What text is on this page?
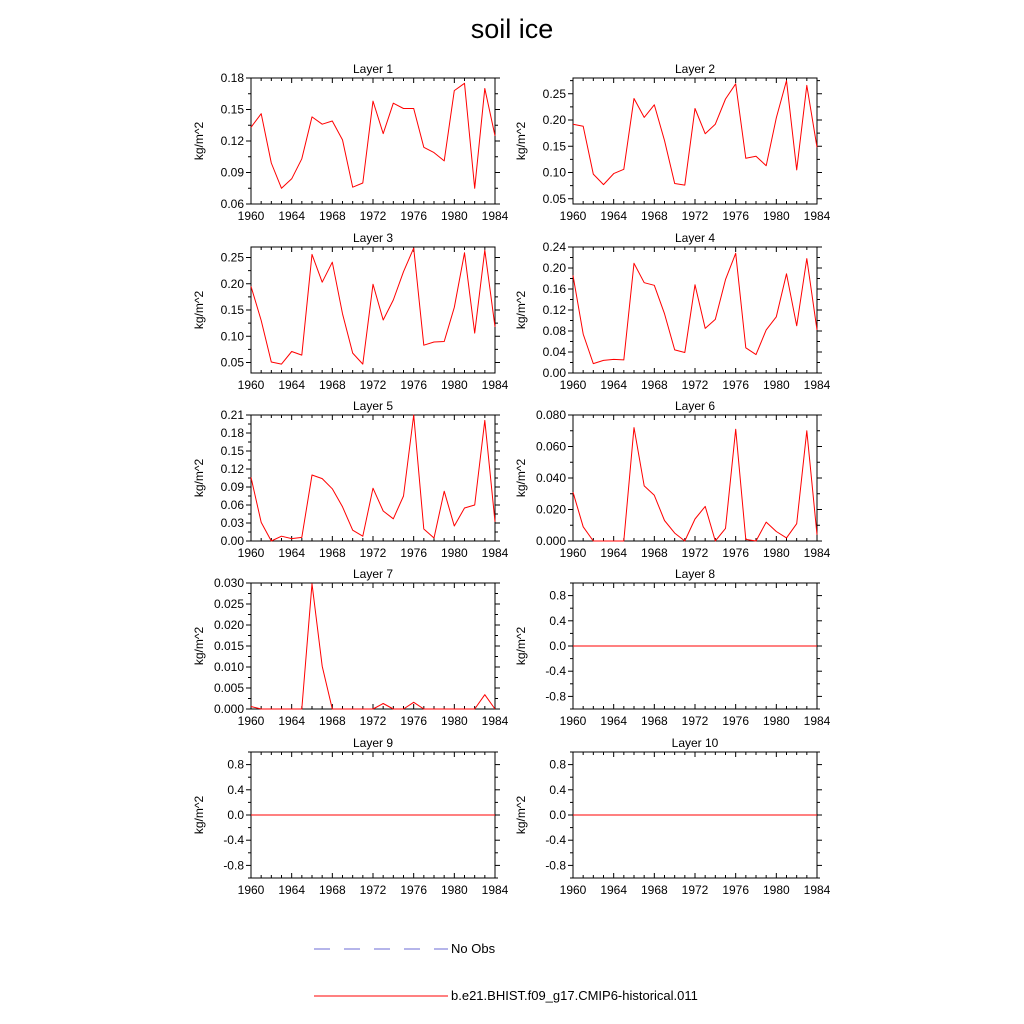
soil ice
1960 1964 1968 1972 1976 1980 1984
0.06
0.09
0.12
0.15
0.18
Layer 1
kg/m^2
1960 1964 1968 1972 1976 1980 1984
0.05
0.10
0.15
0.20
0.25
Layer 2
kg/m^2
1960 1964 1968 1972 1976 1980 1984
0.05
0.10
0.15
0.20
0.25
Layer 3
kg/m^2
1960 1964 1968 1972 1976 1980 1984
0.00
0.04
0.08
0.12
0.16
0.20
0.24
Layer 4
kg/m^2
1960 1964 1968 1972 1976 1980 1984
0.00
0.03
0.06
0.09
0.12
0.15
0.18
0.21
Layer 5
kg/m^2
1960 1964 1968 1972 1976 1980 1984
0.000
0.020
0.040
0.060
0.080
Layer 6
kg/m^2
1960 1964 1968 1972 1976 1980 1984
0.000
0.005
0.010
0.015
0.020
0.025
0.030
Layer 7
kg/m^2
1960 1964 1968 1972 1976 1980 1984
-0.8
-0.4
0.0
0.4
0.8
Layer 8
kg/m^2
1960 1964 1968 1972 1976 1980 1984
-0.8
-0.4
0.0
0.4
0.8
Layer 9
kg/m^2
1960 1964 1968 1972 1976 1980 1984
-0.8
-0.4
0.0
0.4
0.8
Layer 10
kg/m^2
No Obs
b.e21.BHIST.f09_g17.CMIP6-historical.011
